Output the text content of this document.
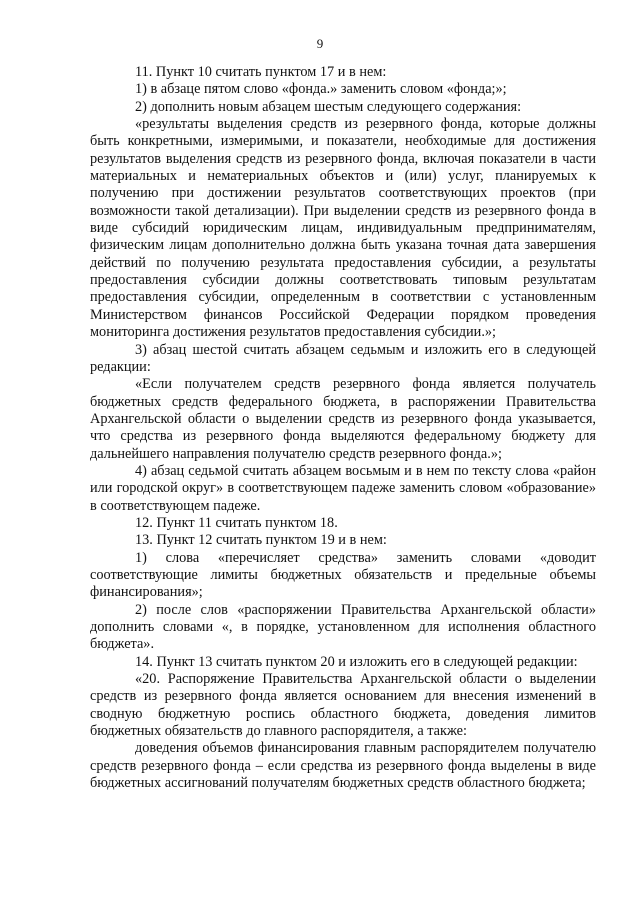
9

11. Пункт 10 считать пунктом 17 и в нем:

1) в абзаце пятом слово «фонда.» заменить словом «фонда;»;

2) дополнить новым абзацем шестым следующего содержания:

«результаты выделения средств из резервного фонда, которые должны быть конкретными, измеримыми, и показатели, необходимые для достижения результатов выделения средств из резервного фонда, включая показатели в части материальных и нематериальных объектов и (или) услуг, планируемых к получению при достижении результатов соответствующих проектов (при возможности такой детализации). При выделении средств из резервного фонда в виде субсидий юридическим лицам, индивидуальным предпринимателям, физическим лицам дополнительно должна быть указана точная дата завершения действий по получению результата предоставления субсидии, а результаты предоставления субсидии должны соответствовать типовым результатам предоставления субсидии, определенным в соответствии с установленным Министерством финансов Российской Федерации порядком проведения мониторинга достижения результатов предоставления субсидии.»;

3) абзац шестой считать абзацем седьмым и изложить его в следующей редакции:

«Если получателем средств резервного фонда является получатель бюджетных средств федерального бюджета, в распоряжении Правительства Архангельской области о выделении средств из резервного фонда указывается, что средства из резервного фонда выделяются федеральному бюджету для дальнейшего направления получателю средств резервного фонда.»;

4) абзац седьмой считать абзацем восьмым и в нем по тексту слова «район или городской округ» в соответствующем падеже заменить словом «образование» в соответствующем падеже.

12. Пункт 11 считать пунктом 18.

13. Пункт 12 считать пунктом 19 и в нем:

1) слова «перечисляет средства» заменить словами «доводит соответствующие лимиты бюджетных обязательств и предельные объемы финансирования»;

2) после слов «распоряжении Правительства Архангельской области» дополнить словами «, в порядке, установленном для исполнения областного бюджета».

14. Пункт 13 считать пунктом 20 и изложить его в следующей редакции:

«20. Распоряжение Правительства Архангельской области о выделении средств из резервного фонда является основанием для внесения изменений в сводную бюджетную роспись областного бюджета, доведения лимитов бюджетных обязательств до главного распорядителя, а также:

доведения объемов финансирования главным распорядителем получателю средств резервного фонда – если средства из резервного фонда выделены в виде бюджетных ассигнований получателям бюджетных средств областного бюджета;
